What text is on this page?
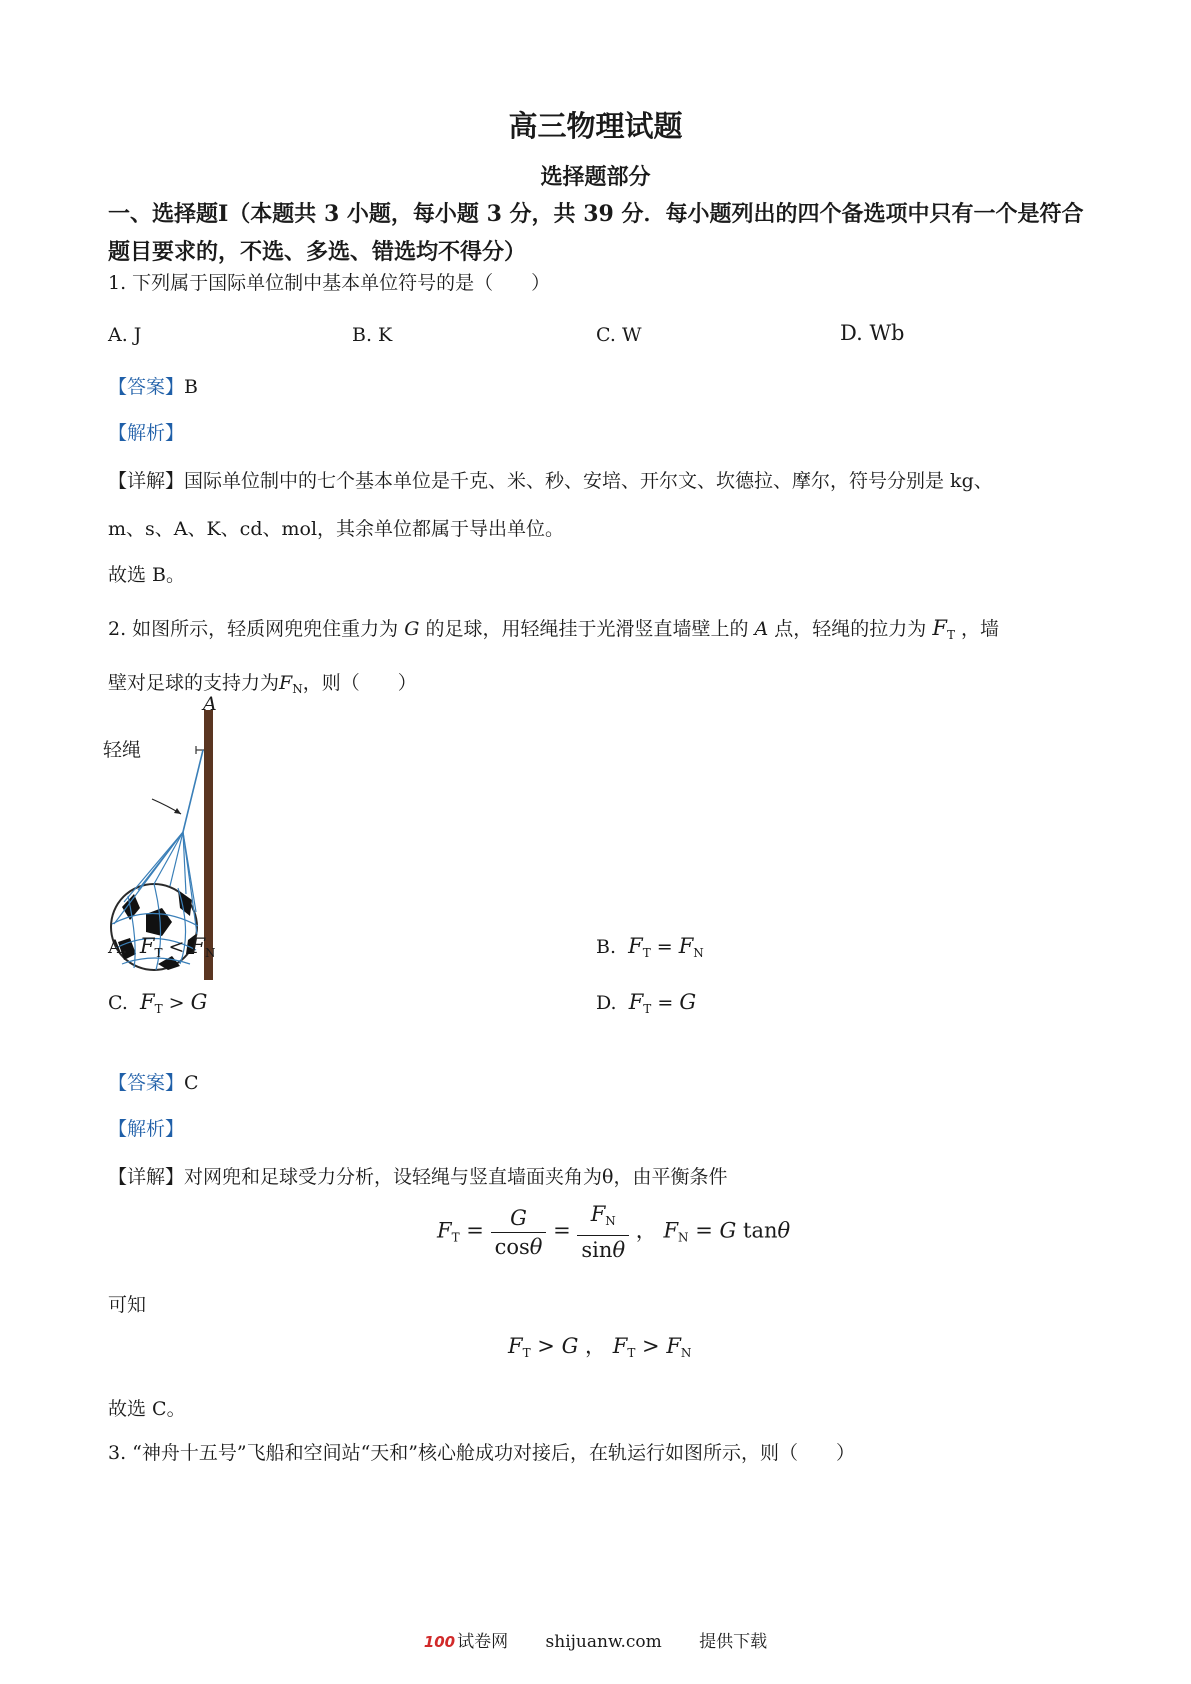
高三物理试题
选择题部分
一、选择题Ⅰ（本题共 3 小题，每小题 3 分，共 39 分．每小题列出的四个备选项中只有一个是符合题目要求的，不选、多选、错选均不得分）
1. 下列属于国际单位制中基本单位符号的是（　　）
A. J	B. K	C. W	D. Wb
【答案】B
【解析】
【详解】国际单位制中的七个基本单位是千克、米、秒、安培、开尔文、坎德拉、摩尔，符号分别是 kg、
m、s、A、K、cd、mol，其余单位都属于导出单位。
故选 B。
2. 如图所示，轻质网兜兜住重力为 G 的足球，用轻绳挂于光滑竖直墙壁上的 A 点，轻绳的拉力为 $F_T$ ，墙
壁对足球的支持力为$F_N$，则（　　）
A
轻绳
A. $F_T < F_N$	B. $F_T = F_N$
C. $F_T > G$	D. $F_T = G$
【答案】C
【解析】
【详解】对网兜和足球受力分析，设轻绳与竖直墙面夹角为θ，由平衡条件
$F_T = \frac{G}{\cos\theta} = \frac{F_N}{\sin\theta}$ ， $F_N = G$ tanθ
可知
$F_T > G$ ， $F_T > F_N$
故选 C。
3. “神舟十五号”飞船和空间站“天和”核心舱成功对接后，在轨运行如图所示，则（　　）
100 试卷网 shijuanw.com 提供下载
